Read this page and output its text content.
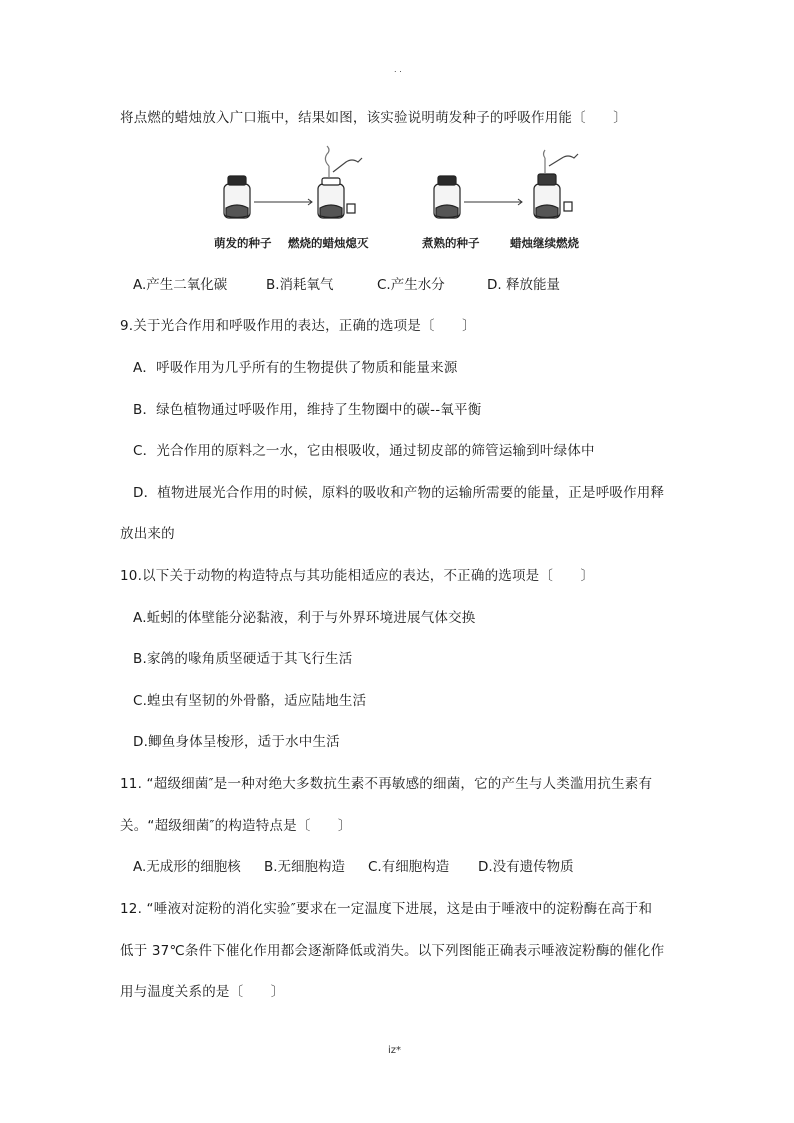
. .
将点燃的蜡烛放入广口瓶中，结果如图，该实验说明萌发种子的呼吸作用能〔　　〕
萌发的种子 燃烧的蜡烛熄灭	煮熟的种子	蜡烛继续燃烧
A.产生二氧化碳	B.消耗氧气	C.产生水分	D. 释放能量
9.关于光合作用和呼吸作用的表达，正确的选项是〔　　〕
A．呼吸作用为几乎所有的生物提供了物质和能量来源
B．绿色植物通过呼吸作用，维持了生物圈中的碳--氧平衡
C．光合作用的原料之一水，它由根吸收，通过韧皮部的筛管运输到叶绿体中
D．植物进展光合作用的时候，原料的吸收和产物的运输所需要的能量，正是呼吸作用释
放出来的
10.以下关于动物的构造特点与其功能相适应的表达，不正确的选项是〔　　〕
A.蚯蚓的体壁能分泌黏液，利于与外界环境进展气体交换
B.家鸽的喙角质坚硬适于其飞行生活
C.蝗虫有坚韧的外骨骼，适应陆地生活
D.鲫鱼身体呈梭形，适于水中生活
11. “超级细菌″是一种对绝大多数抗生素不再敏感的细菌，它的产生与人类滥用抗生素有
关。“超级细菌″的构造特点是〔　　〕
A.无成形的细胞核 B.无细胞构造 C.有细胞构造 D.没有遗传物质
12. “唾液对淀粉的消化实验″要求在一定温度下进展，这是由于唾液中的淀粉酶在高于和
低于 37℃条件下催化作用都会逐渐降低或消失。以下列图能正确表示唾液淀粉酶的催化作
用与温度关系的是〔　　〕
iz*
